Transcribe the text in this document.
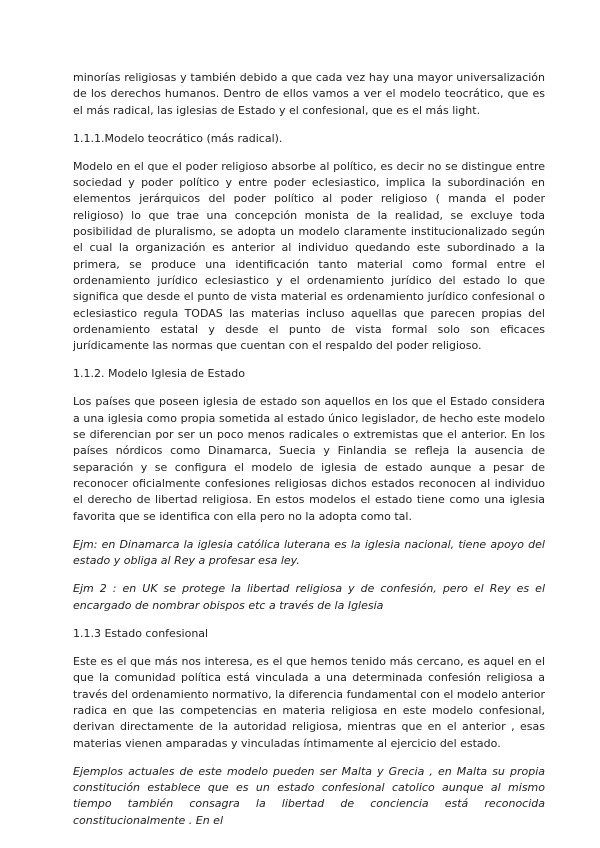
minorías religiosas y también debido a que cada vez hay una mayor universalización de los derechos humanos. Dentro de ellos vamos a ver el modelo teocrático, que es el más radical, las iglesias de Estado y el confesional, que es el más light.

1.1.1.Modelo teocrático (más radical).

Modelo en el que el poder religioso absorbe al político, es decir no se distingue entre sociedad y poder político y entre poder eclesiastico, implica la subordinación en elementos jerárquicos del poder político al poder religioso ( manda el poder religioso) lo que trae una concepción monista de la realidad, se excluye toda posibilidad de pluralismo, se adopta un modelo claramente institucionalizado según el cual la organización es anterior al individuo quedando este subordinado a la primera, se produce una identificación tanto material como formal entre el ordenamiento jurídico eclesiastico y el ordenamiento jurídico del estado lo que significa que desde el punto de vista material es ordenamiento jurídico confesional o eclesiastico regula TODAS las materias incluso aquellas que parecen propias del ordenamiento estatal y desde el punto de vista formal solo son eficaces jurídicamente las normas que cuentan con el respaldo del poder religioso.

1.1.2. Modelo Iglesia de Estado

Los países que poseen iglesia de estado son aquellos en los que el Estado considera a una iglesia como propia sometida al estado único legislador, de hecho este modelo se diferencian por ser un poco menos radicales o extremistas que el anterior. En los países nórdicos como Dinamarca, Suecia y Finlandia se refleja la ausencia de separación y se configura el modelo de iglesia de estado aunque a pesar de reconocer oficialmente confesiones religiosas dichos estados reconocen al individuo el derecho de libertad religiosa. En estos modelos el estado tiene como una iglesia favorita que se identifica con ella pero no la adopta como tal.

Ejm: en Dinamarca la iglesia católica luterana es la iglesia nacional, tiene apoyo del estado y obliga al Rey a profesar esa ley.

Ejm 2 : en UK se protege la libertad religiosa y de confesión, pero el Rey es el encargado de nombrar obispos etc a través de la Iglesia

1.1.3 Estado confesional

Este es el que más nos interesa, es el que hemos tenido más cercano, es aquel en el que la comunidad política está vinculada a una determinada confesión religiosa a través del ordenamiento normativo, la diferencia fundamental con el modelo anterior radica en que las competencias en materia religiosa en este modelo confesional, derivan directamente de la autoridad religiosa, mientras que en el anterior , esas materias vienen amparadas y vinculadas íntimamente al ejercicio del estado.

Ejemplos actuales de este modelo pueden ser Malta y Grecia , en Malta su propia constitución establece que es un estado confesional catolico aunque al mismo tiempo también consagra la libertad de conciencia está reconocida constitucionalmente . En el
